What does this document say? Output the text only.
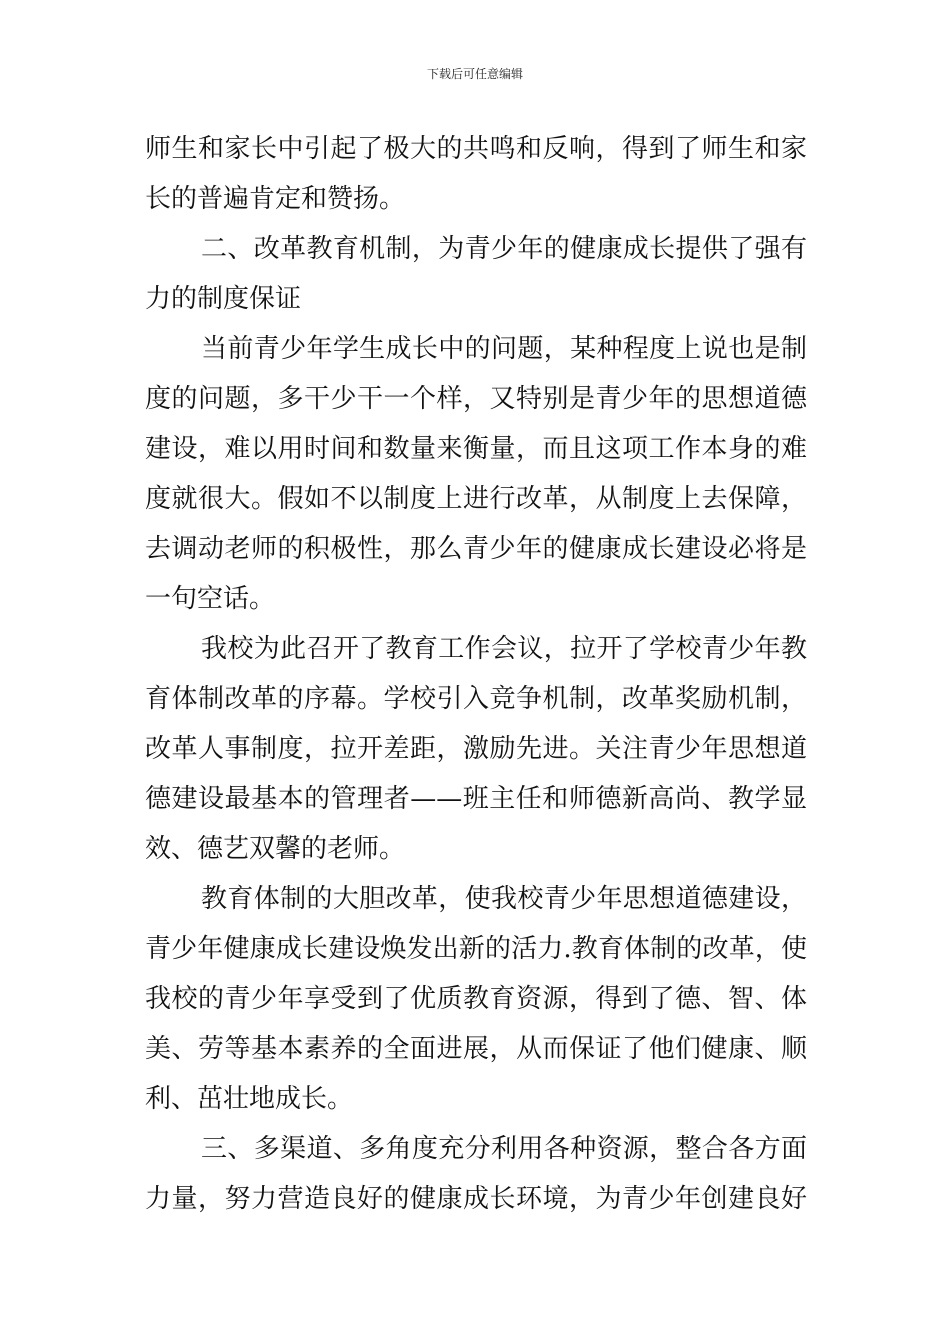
下载后可任意编辑
师生和家长中引起了极大的共鸣和反响，得到了师生和家
长的普遍肯定和赞扬。
二、改革教育机制，为青少年的健康成长提供了强有
力的制度保证
当前青少年学生成长中的问题，某种程度上说也是制
度的问题，多干少干一个样，又特别是青少年的思想道德
建设，难以用时间和数量来衡量，而且这项工作本身的难
度就很大。假如不以制度上进行改革，从制度上去保障，
去调动老师的积极性，那么青少年的健康成长建设必将是
一句空话。
我校为此召开了教育工作会议，拉开了学校青少年教
育体制改革的序幕。学校引入竞争机制，改革奖励机制，
改革人事制度，拉开差距，激励先进。关注青少年思想道
德建设最基本的管理者——班主任和师德新高尚、教学显
效、德艺双馨的老师。
教育体制的大胆改革，使我校青少年思想道德建设，
青少年健康成长建设焕发出新的活力.教育体制的改革，使
我校的青少年享受到了优质教育资源，得到了德、智、体
美、劳等基本素养的全面进展，从而保证了他们健康、顺
利、茁壮地成长。
三、多渠道、多角度充分利用各种资源，整合各方面
力量，努力营造良好的健康成长环境，为青少年创建良好
